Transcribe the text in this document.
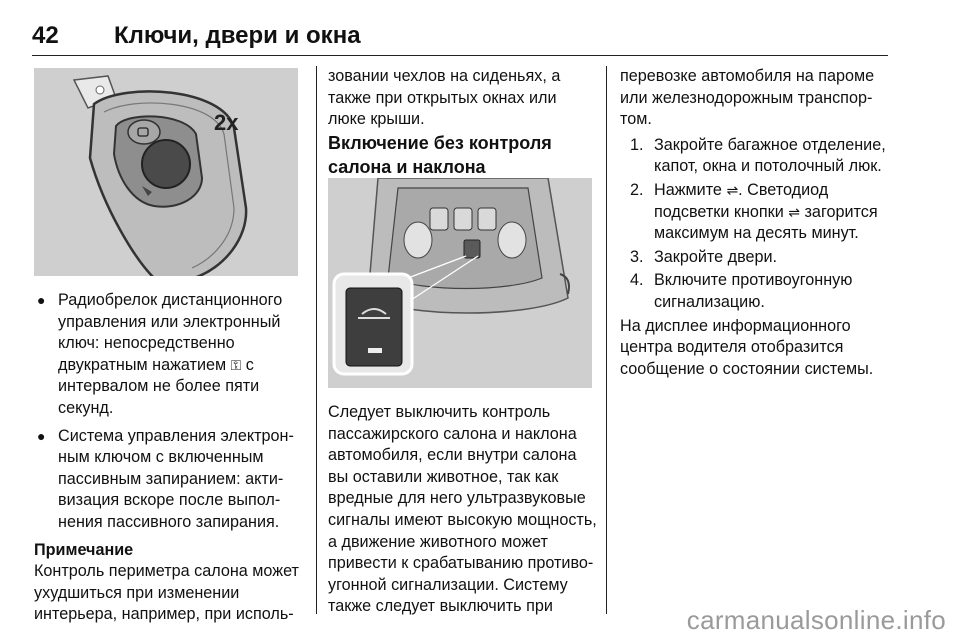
42 Ключи, двери и окна
2x
● Радиобрелок дистанционного управления или электронный ключ: непосредственно двукратным нажатием ⚿ с интервалом не более пяти секунд.
● Система управления электронным ключом с включенным пассивным запиранием: активизация вскоре после выполнения пассивного запирания.

Примечание

Контроль периметра салона может ухудшиться при изменении интерьера, например, при исполь-

зовании чехлов на сиденьях, а также при открытых окнах или люке крыши.

Включение без контроля салона и наклона

Следует выключить контроль пассажирского салона и наклона автомобиля, если внутри салона вы оставили животное, так как вредные для него ультразвуковые сигналы имеют высокую мощность, а движение животного может привести к срабатыванию противоугонной сигнализации. Систему также следует выключить при

перевозке автомобиля на пароме или железнодорожным транспортом.

1. Закройте багажное отделение, капот, окна и потолочный люк.
2. Нажмите ⇌. Светодиод подсветки кнопки ⇌ загорится максимум на десять минут.
3. Закройте двери.
4. Включите противоугонную сигнализацию.

На дисплее информационного центра водителя отобразится сообщение о состоянии системы.

carmanualsonline.info
